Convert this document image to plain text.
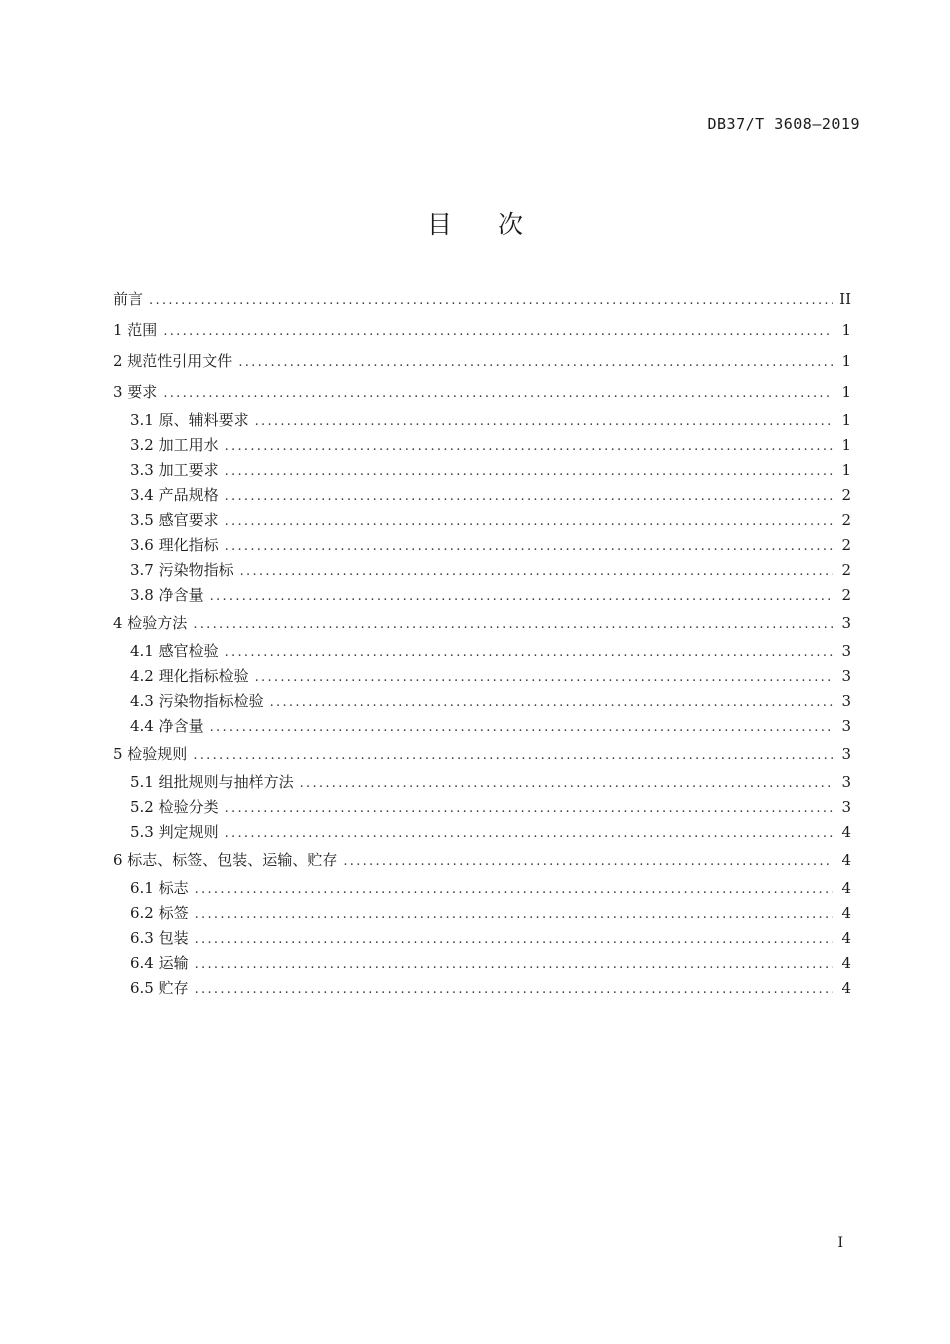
DB37/T 3608—2019
目次
前言 .....	II
1 范围 .....	1
2 规范性引用文件 .....	1
3 要求 .....	1
3.1 原、辅料要求 .....	1
3.2 加工用水 .....	1
3.3 加工要求 .....	1
3.4 产品规格 .....	2
3.5 感官要求 .....	2
3.6 理化指标 .....	2
3.7 污染物指标 .....	2
3.8 净含量 .....	2
4 检验方法 .....	3
4.1 感官检验 .....	3
4.2 理化指标检验 .....	3
4.3 污染物指标检验 .....	3
4.4 净含量 .....	3
5 检验规则 .....	3
5.1 组批规则与抽样方法 .....	3
5.2 检验分类 .....	3
5.3 判定规则 .....	4
6 标志、标签、包装、运输、贮存 .....	4
6.1 标志 .....	4
6.2 标签 .....	4
6.3 包装 .....	4
6.4 运输 .....	4
6.5 贮存 .....	4
I
